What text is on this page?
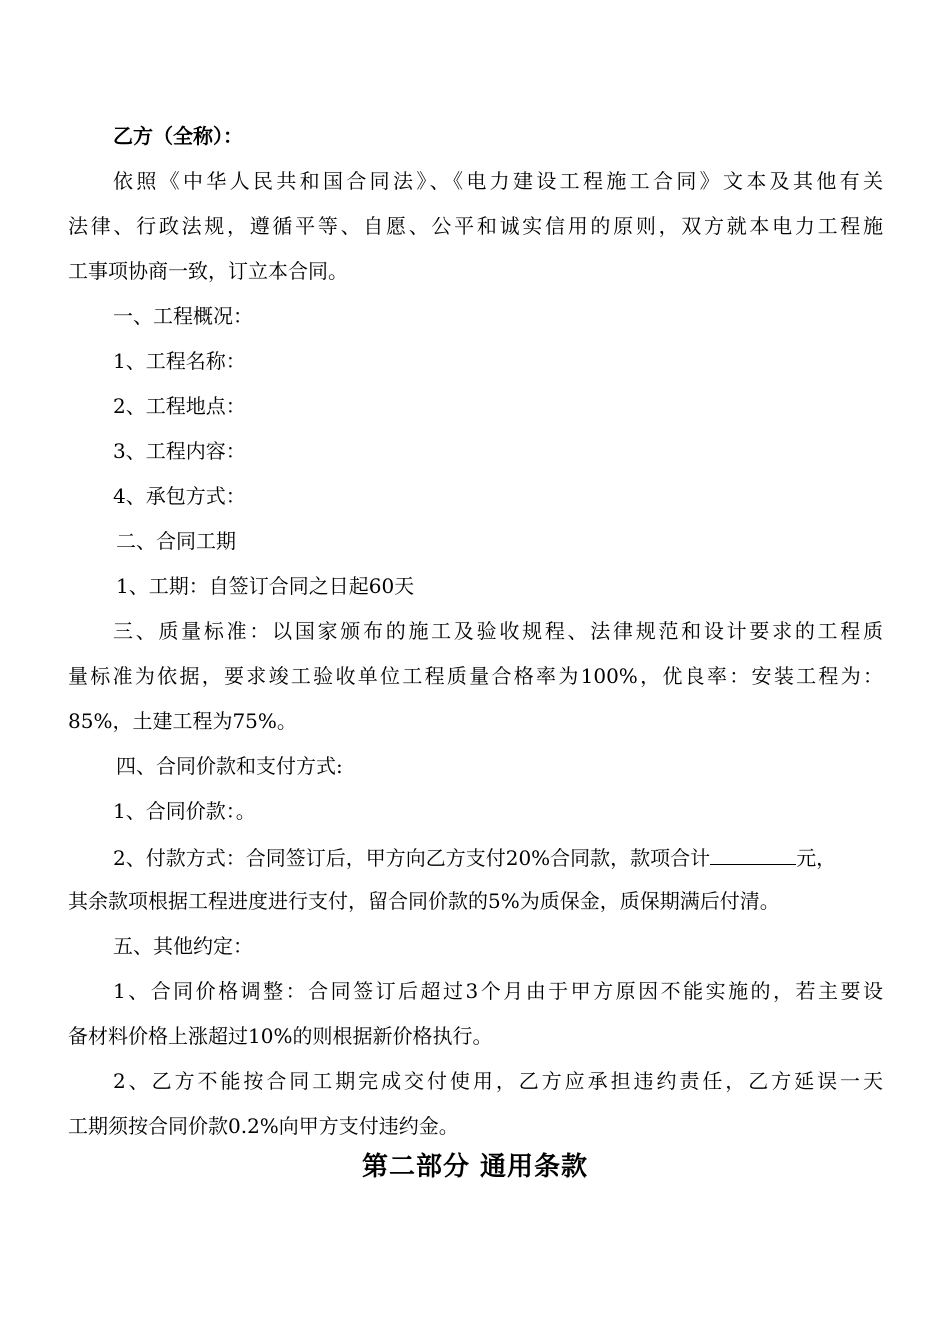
乙方（全称）：
依照《中华人民共和国合同法》、《电力建设工程施工合同》文本及其他有关
法律、行政法规，遵循平等、自愿、公平和诚实信用的原则，双方就本电力工程施
工事项协商一致，订立本合同。
一、工程概况：
1、工程名称：
2、工程地点：
3、工程内容：
4、承包方式：
二、合同工期
1、工期：自签订合同之日起60天
三、质量标准：以国家颁布的施工及验收规程、法律规范和设计要求的工程质
量标准为依据，要求竣工验收单位工程质量合格率为100%，优良率：安装工程为：
85%，土建工程为75%。
四、合同价款和支付方式:
1、合同价款：。
2、付款方式：合同签订后，甲方向乙方支付20%合同款，款项合计	元，
其余款项根据工程进度进行支付，留合同价款的5%为质保金，质保期满后付清。
五、其他约定：
1、合同价格调整：合同签订后超过3个月由于甲方原因不能实施的，若主要设
备材料价格上涨超过10%的则根据新价格执行。
2、乙方不能按合同工期完成交付使用，乙方应承担违约责任，乙方延误一天
工期须按合同价款0.2%向甲方支付违约金。
第二部分 通用条款
